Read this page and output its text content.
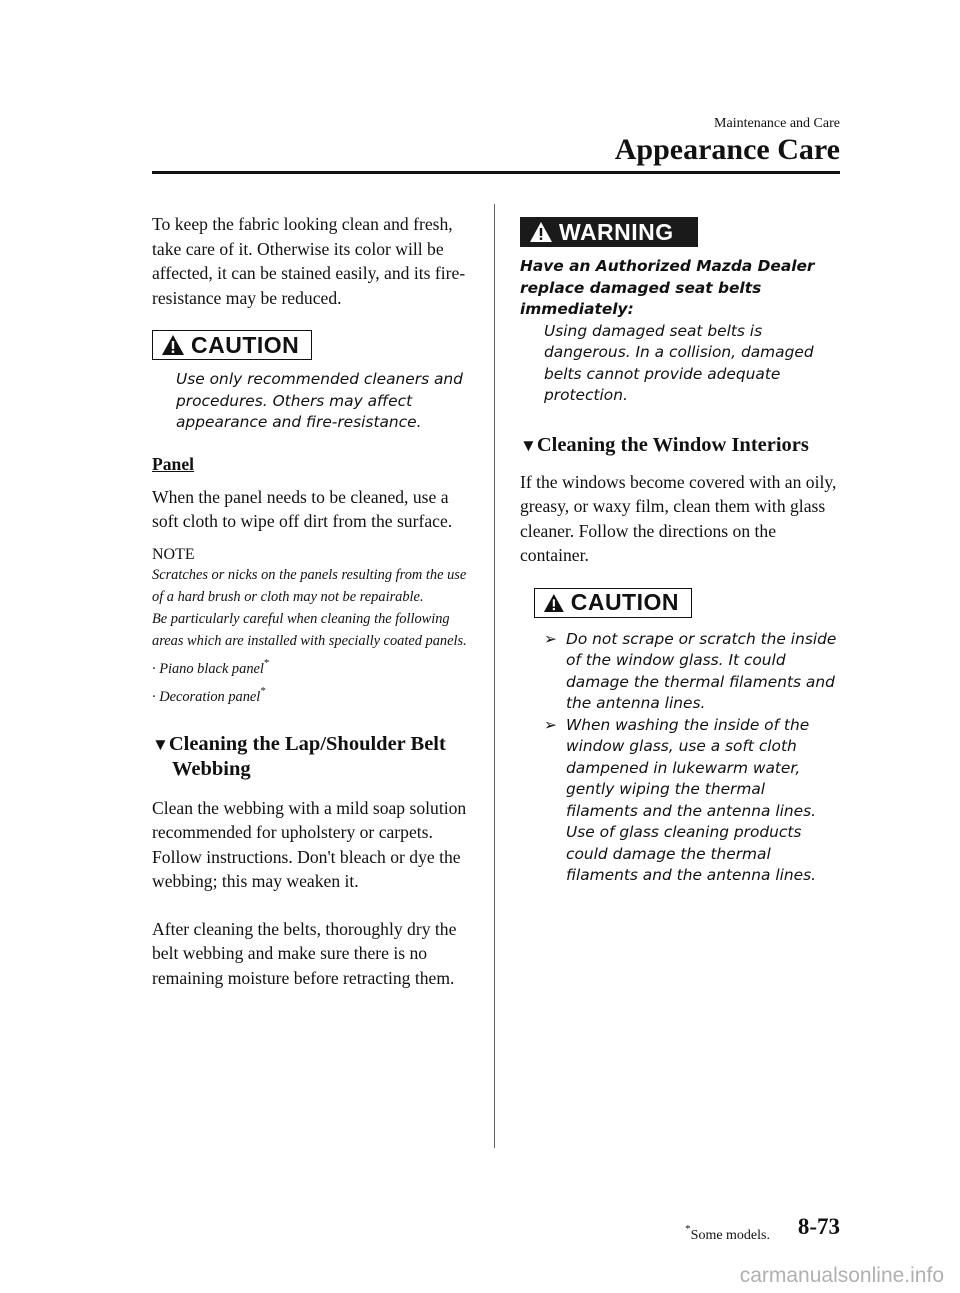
Maintenance and Care
Appearance Care

To keep the fabric looking clean and fresh, take care of it. Otherwise its color will be affected, it can be stained easily, and its fire-resistance may be reduced.

CAUTION
Use only recommended cleaners and procedures. Others may affect appearance and fire-resistance.

Panel

When the panel needs to be cleaned, use a soft cloth to wipe off dirt from the surface.

NOTE

Scratches or nicks on the panels resulting from the use of a hard brush or cloth may not be repairable.

Be particularly careful when cleaning the following areas which are installed with specially coated panels.

· Piano black panel*

· Decoration panel*

▼Cleaning the Lap/Shoulder Belt
Webbing

Clean the webbing with a mild soap solution recommended for upholstery or carpets. Follow instructions. Don't bleach or dye the webbing; this may weaken it.

After cleaning the belts, thoroughly dry the belt webbing and make sure there is no remaining moisture before retracting them.

WARNING
Have an Authorized Mazda Dealer replace damaged seat belts immediately:
Using damaged seat belts is dangerous. In a collision, damaged belts cannot provide adequate protection.

▼Cleaning the Window Interiors

If the windows become covered with an oily, greasy, or waxy film, clean them with glass cleaner. Follow the directions on the container.

CAUTION
➢ Do not scrape or scratch the inside of the window glass. It could damage the thermal filaments and the antenna lines.
➢ When washing the inside of the window glass, use a soft cloth dampened in lukewarm water, gently wiping the thermal filaments and the antenna lines. Use of glass cleaning products could damage the thermal filaments and the antenna lines.
*Some models. 8-73
carmanualsonline.info
